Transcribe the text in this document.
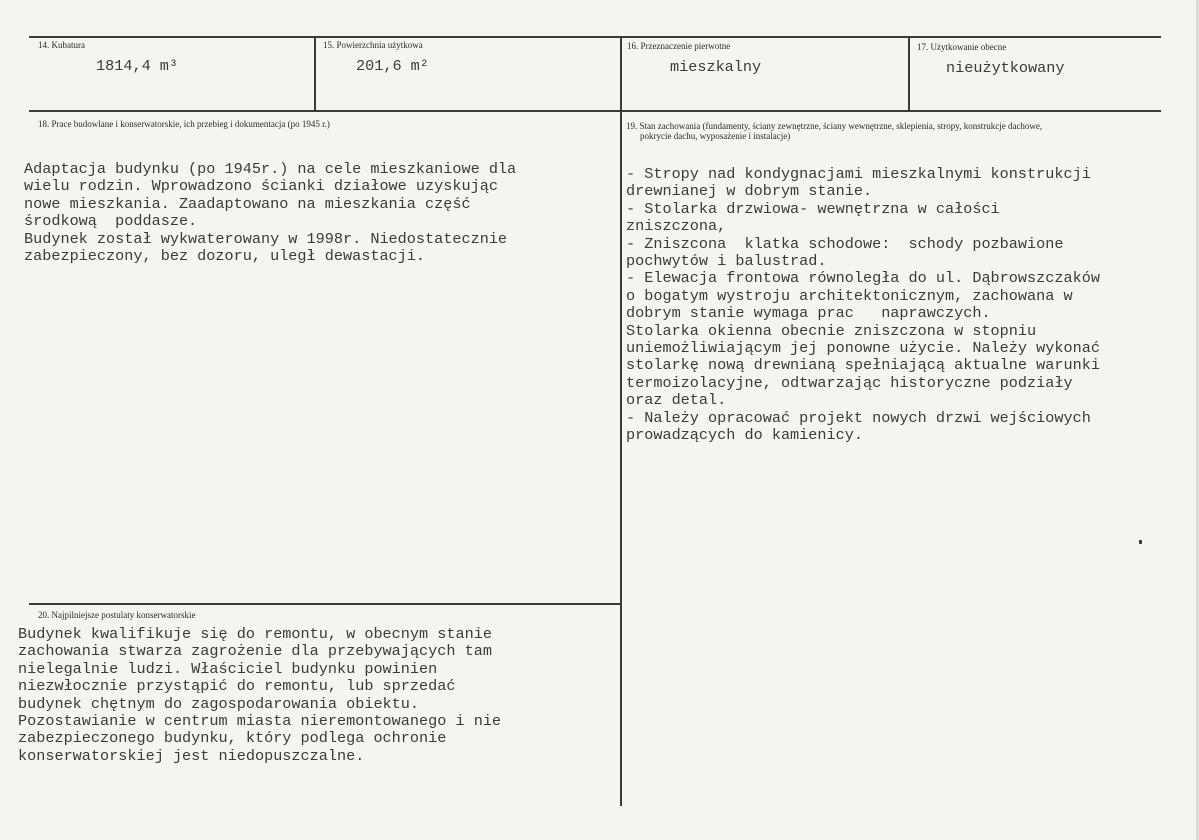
14. Kubatura
1814,4 m³
15. Powierzchnia użytkowa
201,6 m²
16. Przeznaczenie pierwotne
mieszkalny
17. Użytkowanie obecne
nieużytkowany
18. Prace budowlane i konserwatorskie, ich przebieg i dokumentacja (po 1945 r.)
Adaptacja budynku (po 1945r.) na cele mieszkaniowe dla
wielu rodzin. Wprowadzono ścianki działowe uzyskując
nowe mieszkania. Zaadaptowano na mieszkania część
środkową  poddasze.
Budynek został wykwaterowany w 1998r. Niedostatecznie
zabezpieczony, bez dozoru, uległ dewastacji.
19. Stan zachowania (fundamenty, ściany zewnętrzne, ściany wewnętrzne, sklepienia, stropy, konstrukcje dachowe,
pokrycie dachu, wyposażenie i instalacje)
- Stropy nad kondygnacjami mieszkalnymi konstrukcji
drewnianej w dobrym stanie.
- Stolarka drzwiowa- wewnętrzna w całości
zniszczona,
- Zniszcona  klatka schodowe:  schody pozbawione
pochwytów i balustrad.
- Elewacja frontowa równoległa do ul. Dąbrowszczaków
o bogatym wystroju architektonicznym, zachowana w
dobrym stanie wymaga prac   naprawczych.
Stolarka okienna obecnie zniszczona w stopniu
uniemożliwiającym jej ponowne użycie. Należy wykonać
stolarkę nową drewnianą spełniającą aktualne warunki
termoizolacyjne, odtwarzając historyczne podziały
oraz detal.
- Należy opracować projekt nowych drzwi wejściowych
prowadzących do kamienicy.
20. Najpilniejsze postulaty konserwatorskie
Budynek kwalifikuje się do remontu, w obecnym stanie
zachowania stwarza zagrożenie dla przebywających tam
nielegalnie ludzi. Właściciel budynku powinien
niezwłocznie przystąpić do remontu, lub sprzedać
budynek chętnym do zagospodarowania obiektu.
Pozostawianie w centrum miasta nieremontowanego i nie
zabezpieczonego budynku, który podlega ochronie
konserwatorskiej jest niedopuszczalne.
